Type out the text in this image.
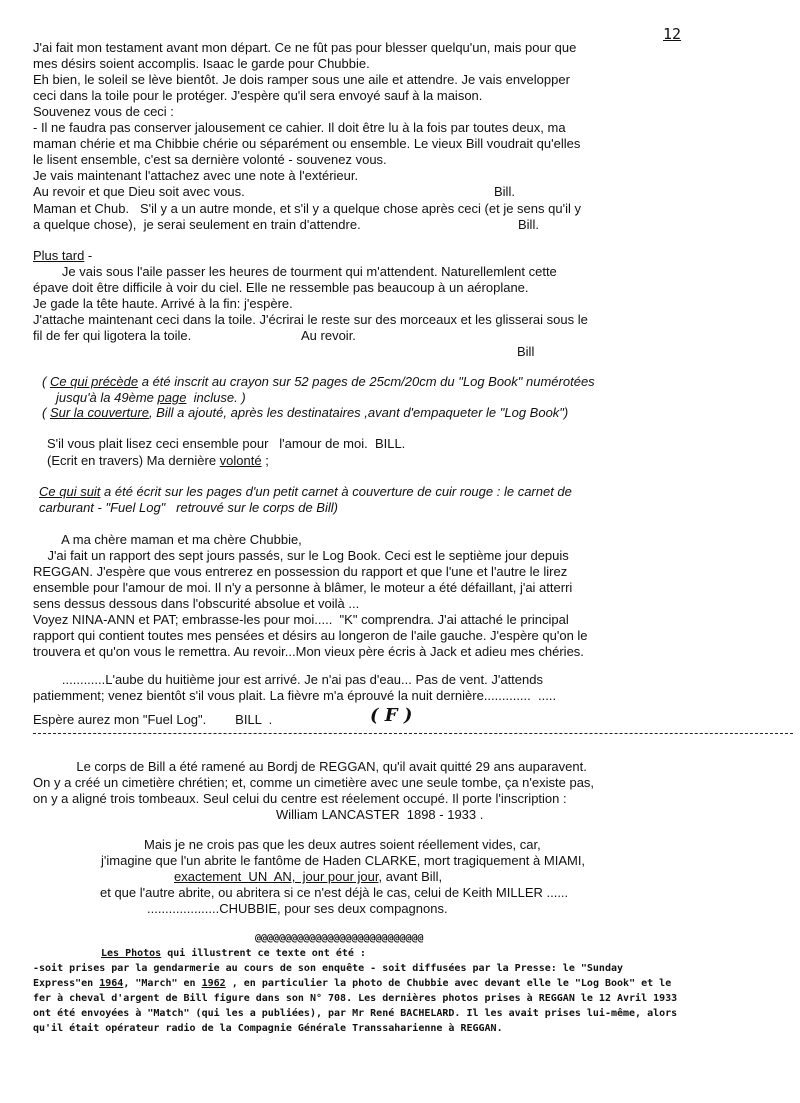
12
J'ai fait mon testament avant mon départ. Ce ne fût pas pour blesser quelqu'un, mais pour que
mes désirs soient accomplis. Isaac le garde pour Chubbie.
Eh bien, le soleil se lève bientôt. Je dois ramper sous une aile et attendre. Je vais envelopper
ceci dans la toile pour le protéger. J'espère qu'il sera envoyé sauf à la maison.
Souvenez vous de ceci :
- Il ne faudra pas conserver jalousement ce cahier. Il doit être lu à la fois par toutes deux, ma
maman chérie et ma Chibbie chérie ou séparément ou ensemble. Le vieux Bill voudrait qu'elles
le lisent ensemble, c'est sa dernière volonté - souvenez vous.
Je vais maintenant l'attachez avec une note à l'extérieur.
Au revoir et que Dieu soit avec vous.	Bill.
Maman et Chub.   S'il y a un autre monde, et s'il y a quelque chose après ceci (et je sens qu'il y
a quelque chose),  je serai seulement en train d'attendre.	Bill.
Plus tard -
Je vais sous l'aile passer les heures de tourment qui m'attendent. Naturellemlent cette
épave doit être difficile à voir du ciel. Elle ne ressemble pas beaucoup à un aéroplane.
Je gade la tête haute. Arrivé à la fin: j'espère.
J'attache maintenant ceci dans la toile. J'écrirai le reste sur des morceaux et les glisserai sous le
fil de fer qui ligotera la toile.	Au revoir.
Bill
( Ce qui précède a été inscrit au crayon sur 52 pages de 25cm/20cm du "Log Book" numérotées
jusqu'à la 49ème page  incluse. )
( Sur la couverture, Bill a ajouté, après les destinataires ,avant d'empaqueter le "Log Book")
S'il vous plait lisez ceci ensemble pour   l'amour de moi.  BILL.
(Ecrit en travers) Ma dernière volonté ;
Ce qui suit a été écrit sur les pages d'un petit carnet à couverture de cuir rouge : le carnet de
carburant - "Fuel Log"   retrouvé sur le corps de Bill)
A ma chère maman et ma chère Chubbie,
J'ai fait un rapport des sept jours passés, sur le Log Book. Ceci est le septième jour depuis
REGGAN. J'espère que vous entrerez en possession du rapport et que l'une et l'autre le lirez
ensemble pour l'amour de moi. Il n'y a personne à blâmer, le moteur a été défaillant, j'ai atterri
sens dessus dessous dans l'obscurité absolue et voilà ...
Voyez NINA-ANN et PAT; embrasse-les pour moi.....  "K" comprendra. J'ai attaché le principal
rapport qui contient toutes mes pensées et désirs au longeron de l'aile gauche. J'espère qu'on le
trouvera et qu'on vous le remettra. Au revoir...Mon vieux père écris à Jack et adieu mes chéries.
............L'aube du huitième jour est arrivé. Je n'ai pas d'eau... Pas de vent. J'attends
patiemment; venez bientôt s'il vous plait. La fièvre m'a éprouvé la nuit dernière.............  .....
Espère aurez mon "Fuel Log".        BILL  .	( F )
Le corps de Bill a été ramené au Bordj de REGGAN, qu'il avait quitté 29 ans auparavent.
On y a créé un cimetière chrétien; et, comme un cimetière avec une seule tombe, ça n'existe pas,
on y a aligné trois tombeaux. Seul celui du centre est réelement occupé. Il porte l'inscription :
William LANCASTER  1898 - 1933 .
Mais je ne crois pas que les deux autres soient réellement vides, car,
j'imagine que l'un abrite le fantôme de Haden CLARKE, mort tragiquement à MIAMI,
exactement  UN  AN,  jour pour jour, avant Bill,
et que l'autre abrite, ou abritera si ce n'est déjà le cas, celui de Keith MILLER ......
....................CHUBBIE, pour ses deux compagnons.
@@@@@@@@@@@@@@@@@@@@@@@@@@@@
Les Photos qui illustrent ce texte ont été :
-soit prises par la gendarmerie au cours de son enquête - soit diffusées par la Presse: le "Sunday
Express"en 1964, "March" en 1962 , en particulier la photo de Chubbie avec devant elle le "Log Book" et le
fer à cheval d'argent de Bill figure dans son N° 708. Les dernières photos prises à REGGAN le 12 Avril 1933
ont été envoyées à "Match" (qui les a publiées), par Mr René BACHELARD. Il les avait prises lui-même, alors
qu'il était opérateur radio de la Compagnie Générale Transsaharienne à REGGAN.
